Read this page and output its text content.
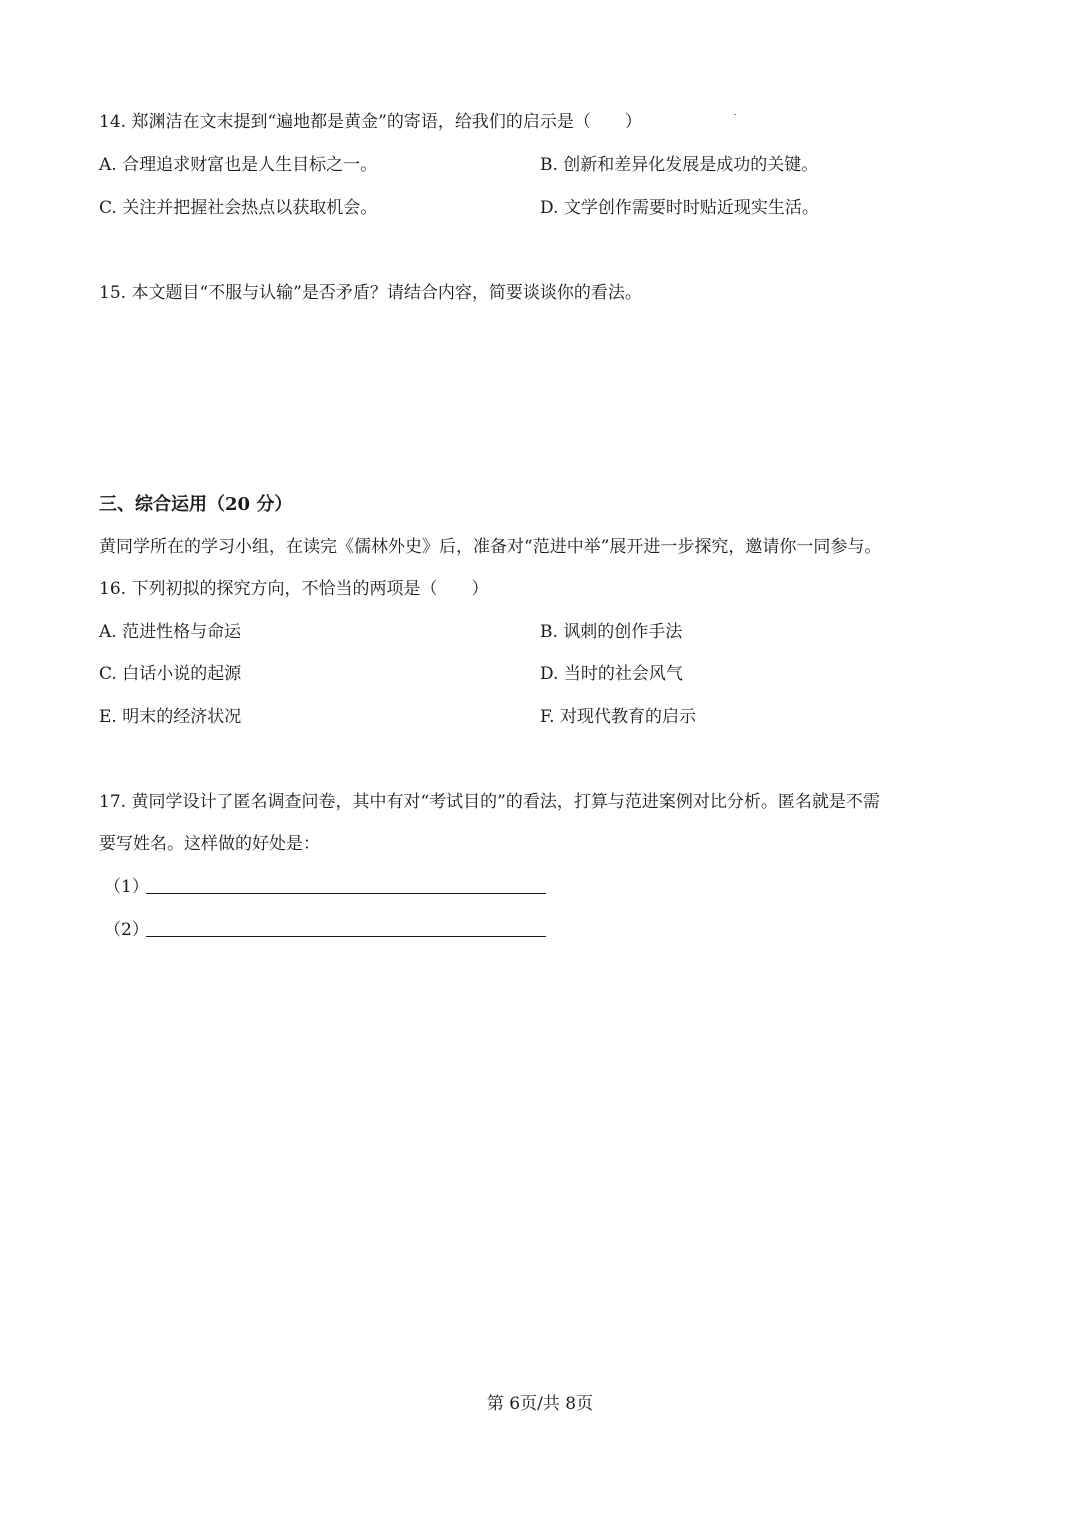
14. 郑渊洁在文末提到“遍地都是黄金”的寄语，给我们的启示是（　　）
A. 合理追求财富也是人生目标之一。	B. 创新和差异化发展是成功的关键。
C. 关注并把握社会热点以获取机会。	D. 文学创作需要时时贴近现实生活。
15. 本文题目“不服与认输”是否矛盾？请结合内容，简要谈谈你的看法。
三、综合运用（20 分）
黄同学所在的学习小组，在读完《儒林外史》后，准备对“范进中举”展开进一步探究，邀请你一同参与。
16. 下列初拟的探究方向，不恰当的两项是（　　）
A. 范进性格与命运	B. 讽刺的创作手法
C. 白话小说的起源	D. 当时的社会风气
E. 明末的经济状况	F. 对现代教育的启示
17. 黄同学设计了匿名调查问卷，其中有对“考试目的”的看法，打算与范进案例对比分析。匿名就是不需
要写姓名。这样做的好处是：
（1）
（2）
第 6页/共 8页
